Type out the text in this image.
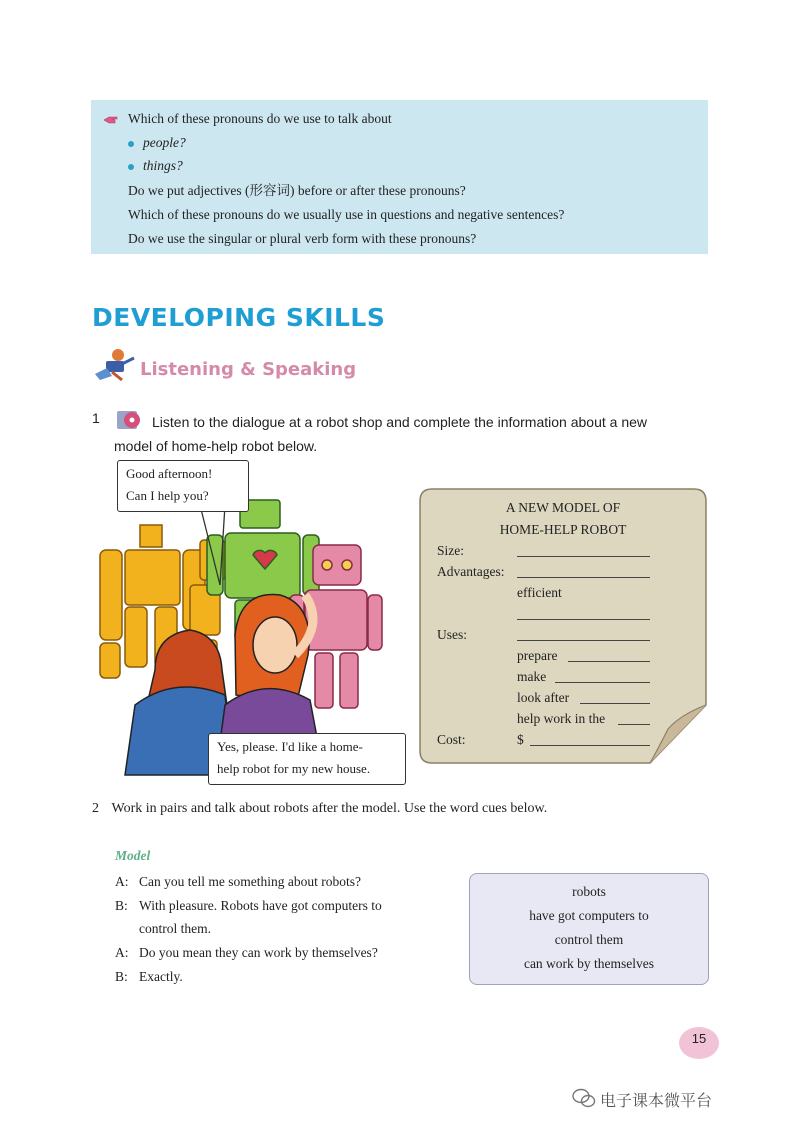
Which of these pronouns do we use to talk about
people?
things?
Do we put adjectives (形容词) before or after these pronouns?
Which of these pronouns do we usually use in questions and negative sentences?
Do we use the singular or plural verb form with these pronouns?
DEVELOPING SKILLS
Listening & Speaking
1	Listen to the dialogue at a robot shop and complete the information about a new
model of home-help robot below.
Good afternoon!
Can I help you?
Yes, please. I'd like a home-
help robot for my new house.
A NEW MODEL OF
HOME-HELP ROBOT
Size:
Advantages:
Uses:
Cost:
efficient
prepare
make
look after
help work in the
$
2 Work in pairs and talk about robots after the model. Use the word cues below.
Model
A: Can you tell me something about robots?
B: With pleasure. Robots have got computers to
control them.
A: Do you mean they can work by themselves?
B: Exactly.
robots
have got computers to
control them
can work by themselves
15
电子课本微平台
